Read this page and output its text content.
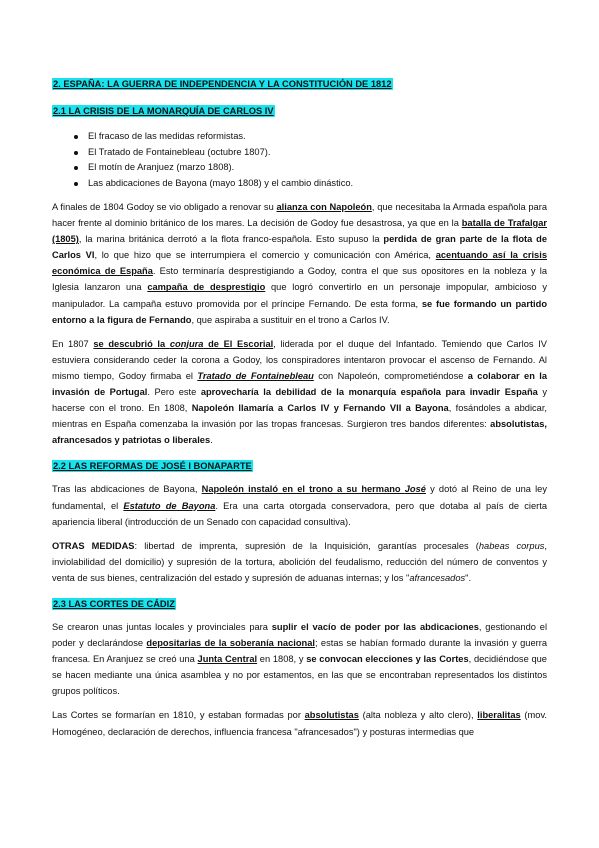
2. ESPAÑA: LA GUERRA DE INDEPENDENCIA Y LA CONSTITUCIÓN DE 1812
2.1 LA CRISIS DE LA MONARQUÍA DE CARLOS IV
El fracaso de las medidas reformistas.
El Tratado de Fontainebleau (octubre 1807).
El motín de Aranjuez (marzo 1808).
Las abdicaciones de Bayona (mayo 1808) y el cambio dinástico.

A finales de 1804 Godoy se vio obligado a renovar su alianza con Napoleón, que necesitaba la Armada española para hacer frente al dominio británico de los mares. La decisión de Godoy fue desastrosa, ya que en la batalla de Trafalgar (1805), la marina británica derrotó a la flota franco-española. Esto supuso la perdida de gran parte de la flota de Carlos VI, lo que hizo que se interrumpiera el comercio y comunicación con América, acentuando así la crisis económica de España. Esto terminaría desprestigiando a Godoy, contra el que sus opositores en la nobleza y la Iglesia lanzaron una campaña de desprestigio que logró convertirlo en un personaje impopular, ambicioso y manipulador. La campaña estuvo promovida por el príncipe Fernando. De esta forma, se fue formando un partido entorno a la figura de Fernando, que aspiraba a sustituir en el trono a Carlos IV.

En 1807 se descubrió la conjura de El Escorial, liderada por el duque del Infantado. Temiendo que Carlos IV estuviera considerando ceder la corona a Godoy, los conspiradores intentaron provocar el ascenso de Fernando. Al mismo tiempo, Godoy firmaba el Tratado de Fontainebleau con Napoleón, comprometiéndose a colaborar en la invasión de Portugal. Pero este aprovecharía la debilidad de la monarquía española para invadir España y hacerse con el trono. En 1808, Napoleón llamaría a Carlos IV y Fernando VII a Bayona, fosándoles a abdicar, mientras en España comenzaba la invasión por las tropas francesas. Surgieron tres bandos diferentes: absolutistas, afrancesados y patriotas o liberales.

2.2 LAS REFORMAS DE JOSÉ I BONAPARTE

Tras las abdicaciones de Bayona, Napoleón instaló en el trono a su hermano José y dotó al Reino de una ley fundamental, el Estatuto de Bayona. Era una carta otorgada conservadora, pero que dotaba al país de cierta apariencia liberal (introducción de un Senado con capacidad consultiva).

OTRAS MEDIDAS: libertad de imprenta, supresión de la Inquisición, garantías procesales (habeas corpus, inviolabilidad del domicilio) y supresión de la tortura, abolición del feudalismo, reducción del número de conventos y venta de sus bienes, centralización del estado y supresión de aduanas internas; y los "afrancesados".

2.3 LAS CORTES DE CÁDIZ

Se crearon unas juntas locales y provinciales para suplir el vacío de poder por las abdicaciones, gestionando el poder y declarándose depositarias de la soberanía nacional; estas se habían formado durante la invasión y guerra francesa. En Aranjuez se creó una Junta Central en 1808, y se convocan elecciones y las Cortes, decidiéndose que se hacen mediante una única asamblea y no por estamentos, en las que se encontraban representados los distintos grupos políticos.

Las Cortes se formarían en 1810, y estaban formadas por absolutistas (alta nobleza y alto clero), liberalitas (mov. Homogéneo, declaración de derechos, influencia francesa "afrancesados") y posturas intermedias que
